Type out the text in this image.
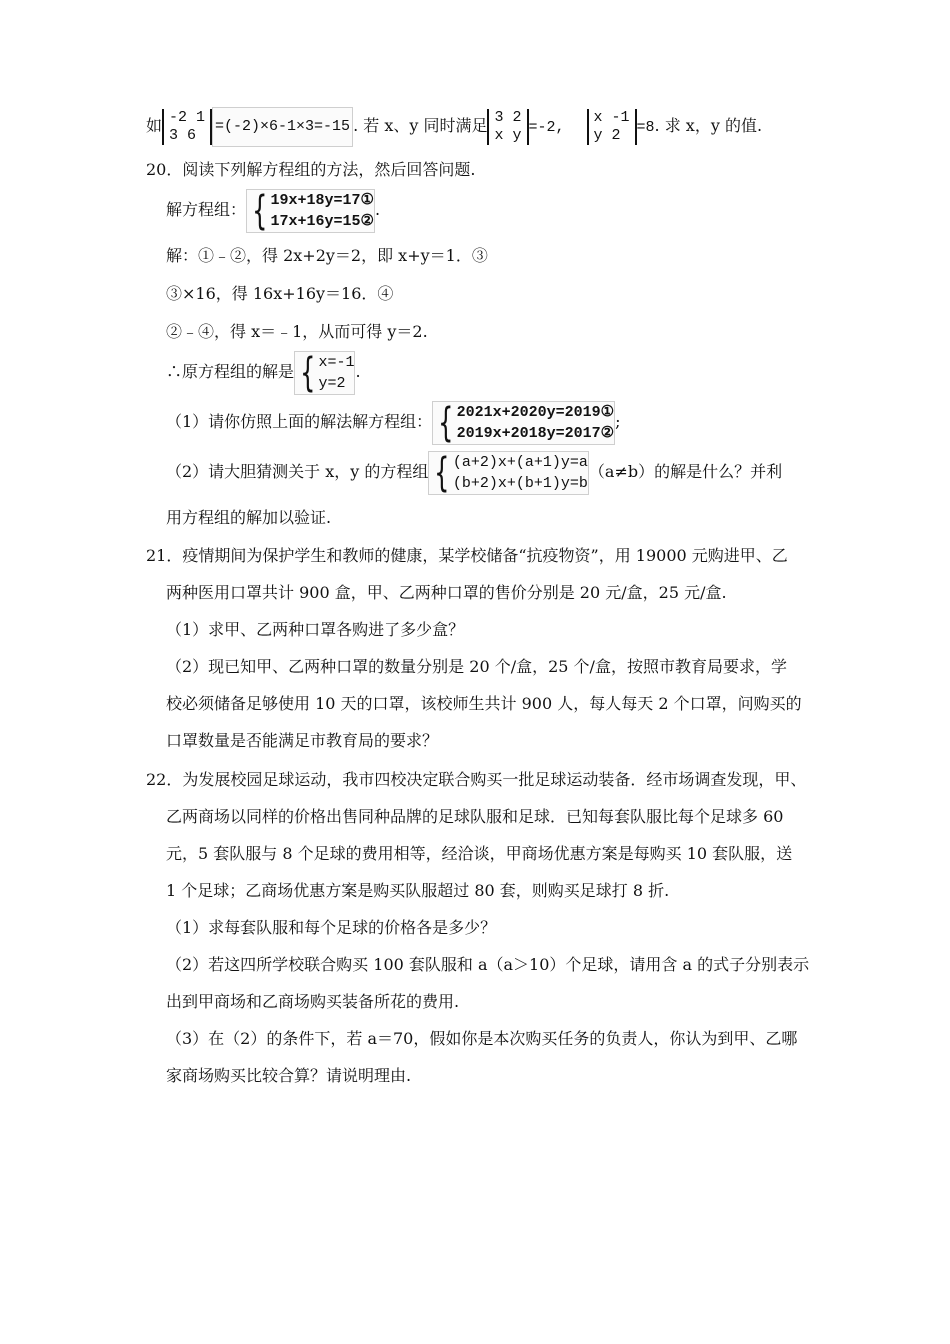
如 -2 1
3 6
=(-2)×6-1×3=-15 . 若 x、y 同时满足 3 2
x y =-2,
x -1
y 2	=8. 求 x，y 的值.
20．阅读下列解方程组的方法，然后回答问题.
解方程组： { 19x+18y=17①
17x+16y=15②
.
解：①﹣②，得 2x+2y＝2，即 x+y＝1．③
③×16，得 16x+16y＝16．④
②﹣④，得 x＝﹣1，从而可得 y＝2.
∴原方程组的解是 { x=-1
y=2
.
（1）请你仿照上面的解法解方程组： { 2021x+2020y=2019①
2019x+2018y=2017②
;
（2）请大胆猜测关于 x，y 的方程组 { (a+2)x+(a+1)y=a
(b+2)x+(b+1)y=b
（a≠b）的解是什么？并利
用方程组的解加以验证.
21．疫情期间为保护学生和教师的健康，某学校储备“抗疫物资”，用 19000 元购进甲、乙
两种医用口罩共计 900 盒，甲、乙两种口罩的售价分别是 20 元/盒，25 元/盒.
（1）求甲、乙两种口罩各购进了多少盒？
（2）现已知甲、乙两种口罩的数量分别是 20 个/盒，25 个/盒，按照市教育局要求，学
校必须储备足够使用 10 天的口罩，该校师生共计 900 人，每人每天 2 个口罩，问购买的
口罩数量是否能满足市教育局的要求？
22．为发展校园足球运动，我市四校决定联合购买一批足球运动装备．经市场调查发现，甲、
乙两商场以同样的价格出售同种品牌的足球队服和足球．已知每套队服比每个足球多 60
元，5 套队服与 8 个足球的费用相等，经洽谈，甲商场优惠方案是每购买 10 套队服，送
1 个足球；乙商场优惠方案是购买队服超过 80 套，则购买足球打 8 折.
（1）求每套队服和每个足球的价格各是多少？
（2）若这四所学校联合购买 100 套队服和 a（a＞10）个足球，请用含 a 的式子分别表示
出到甲商场和乙商场购买装备所花的费用.
（3）在（2）的条件下，若 a＝70，假如你是本次购买任务的负责人，你认为到甲、乙哪
家商场购买比较合算？请说明理由.
